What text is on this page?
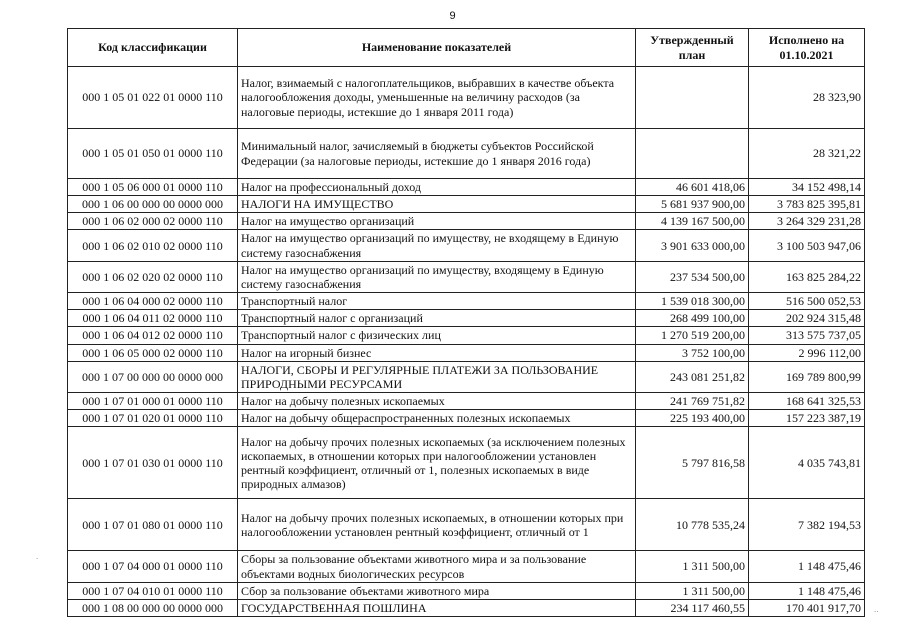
9
Код классификации	Наименование показателей	Утвержденный план	Исполнено на 01.10.2021
000 1 05 01 022 01 0000 110	Налог, взимаемый с налогоплательщиков, выбравших в качестве объекта налогообложения доходы, уменьшенные на величину расходов (за налоговые периоды, истекшие до 1 января 2011 года)		28 323,90
000 1 05 01 050 01 0000 110	Минимальный налог, зачисляемый в бюджеты субъектов Российской Федерации (за налоговые периоды, истекшие до 1 января 2016 года)		28 321,22
000 1 05 06 000 01 0000 110	Налог на профессиональный доход	46 601 418,06	34 152 498,14
000 1 06 00 000 00 0000 000	НАЛОГИ НА ИМУЩЕСТВО	5 681 937 900,00	3 783 825 395,81
000 1 06 02 000 02 0000 110	Налог на имущество организаций	4 139 167 500,00	3 264 329 231,28
000 1 06 02 010 02 0000 110	Налог на имущество организаций по имуществу, не входящему в Единую систему газоснабжения	3 901 633 000,00	3 100 503 947,06
000 1 06 02 020 02 0000 110	Налог на имущество организаций по имуществу, входящему в Единую систему газоснабжения	237 534 500,00	163 825 284,22
000 1 06 04 000 02 0000 110	Транспортный налог	1 539 018 300,00	516 500 052,53
000 1 06 04 011 02 0000 110	Транспортный налог с организаций	268 499 100,00	202 924 315,48
000 1 06 04 012 02 0000 110	Транспортный налог с физических лиц	1 270 519 200,00	313 575 737,05
000 1 06 05 000 02 0000 110	Налог на игорный бизнес	3 752 100,00	2 996 112,00
000 1 07 00 000 00 0000 000	НАЛОГИ, СБОРЫ И РЕГУЛЯРНЫЕ ПЛАТЕЖИ ЗА ПОЛЬЗОВАНИЕ ПРИРОДНЫМИ РЕСУРСАМИ	243 081 251,82	169 789 800,99
000 1 07 01 000 01 0000 110	Налог на добычу полезных ископаемых	241 769 751,82	168 641 325,53
000 1 07 01 020 01 0000 110	Налог на добычу общераспространенных полезных ископаемых	225 193 400,00	157 223 387,19
000 1 07 01 030 01 0000 110	Налог на добычу прочих полезных ископаемых (за исключением полезных ископаемых, в отношении которых при налогообложении установлен рентный коэффициент, отличный от 1, полезных ископаемых в виде природных алмазов)	5 797 816,58	4 035 743,81
000 1 07 01 080 01 0000 110	Налог на добычу прочих полезных ископаемых, в отношении которых при налогообложении установлен рентный коэффициент, отличный от 1	10 778 535,24	7 382 194,53
000 1 07 04 000 01 0000 110	Сборы за пользование объектами животного мира и за пользование объектами водных биологических ресурсов	1 311 500,00	1 148 475,46
000 1 07 04 010 01 0000 110	Сбор за пользование объектами животного мира	1 311 500,00	1 148 475,46
000 1 08 00 000 00 0000 000	ГОСУДАРСТВЕННАЯ ПОШЛИНА	234 117 460,55	170 401 917,70
.
..
